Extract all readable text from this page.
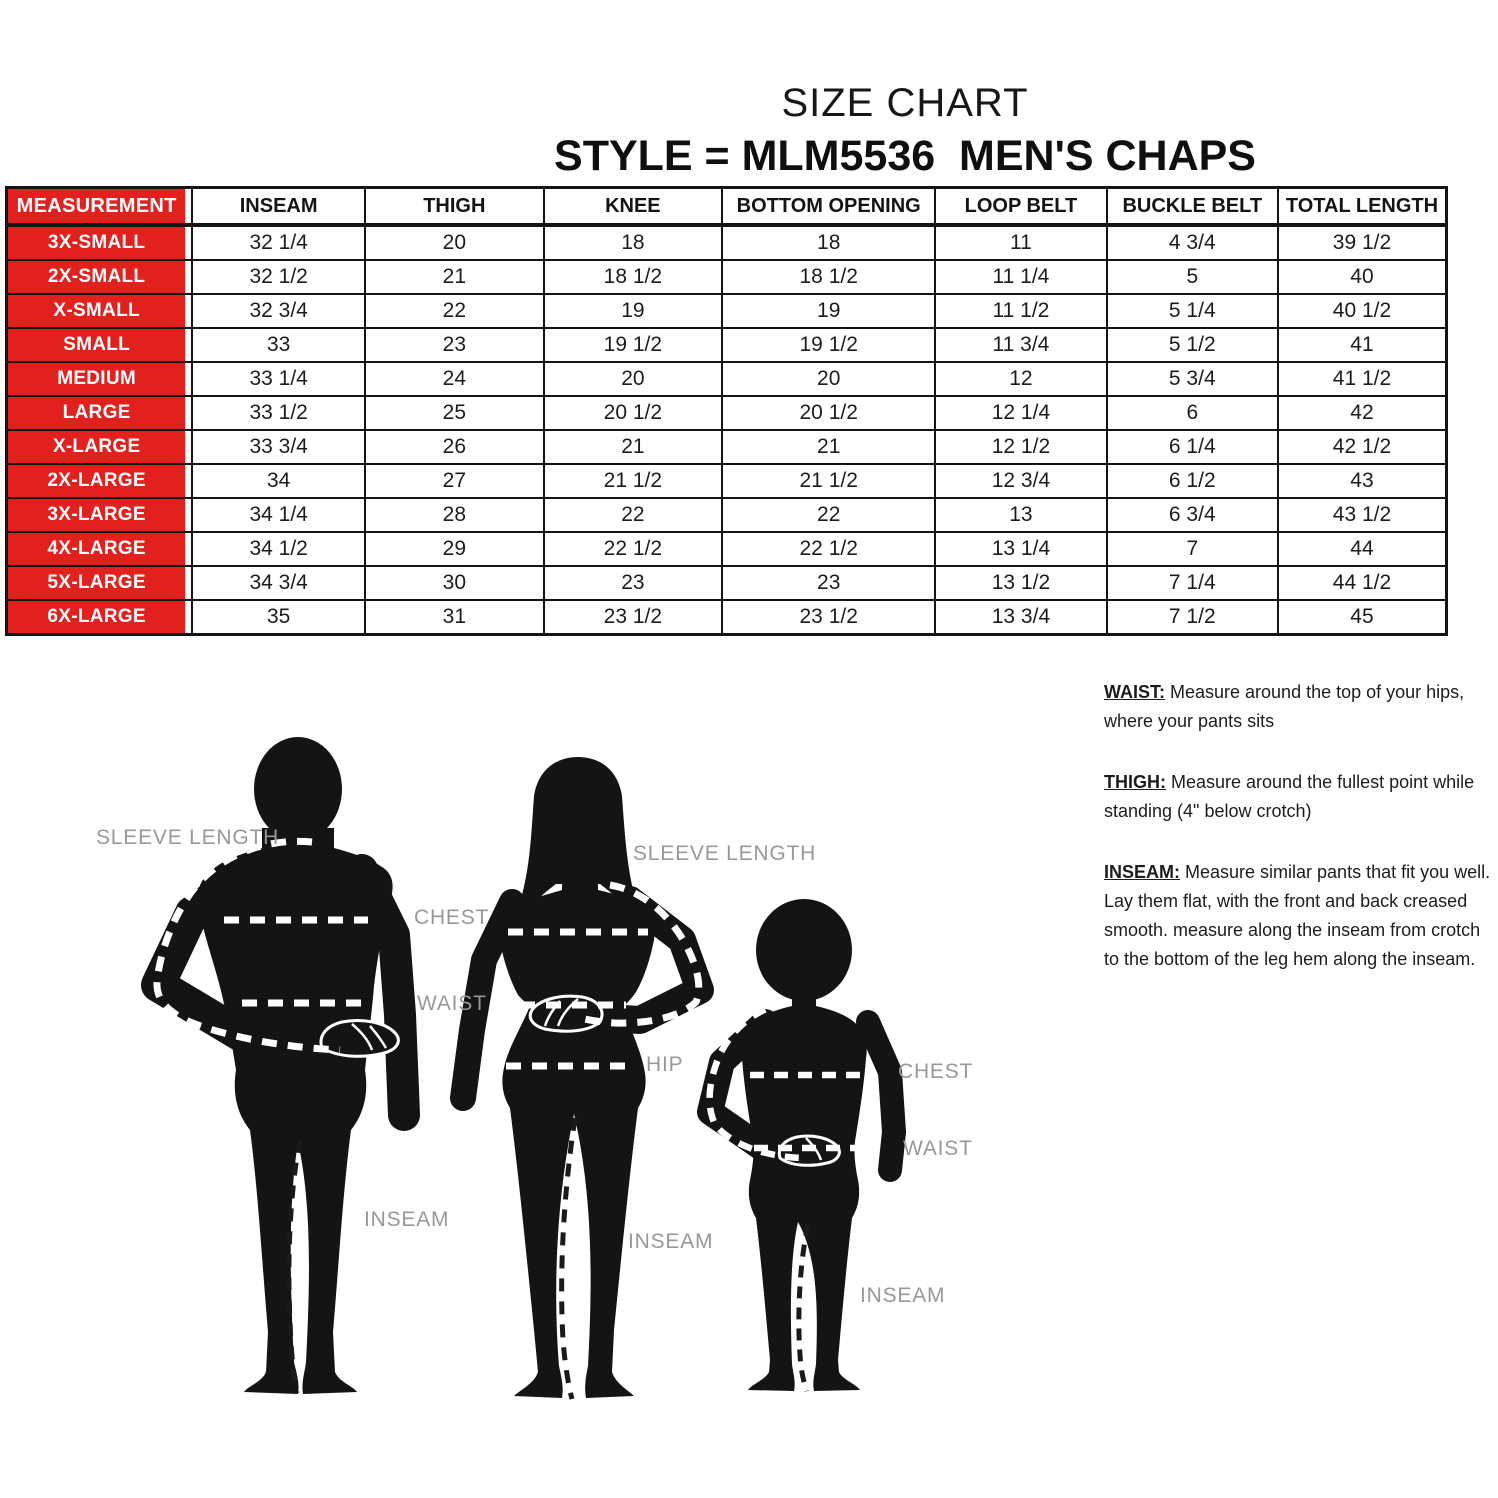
SIZE CHART
STYLE = MLM5536  MEN'S CHAPS
MEASUREMENT	INSEAM	THIGH	KNEE	BOTTOM OPENING	LOOP BELT	BUCKLE BELT	TOTAL LENGTH

3X-SMALL	32 1/4	20	18	18	11	4 3/4	39 1/2

2X-SMALL	32 1/2	21	18 1/2	18 1/2	11 1/4	5	40

X-SMALL	32 3/4	22	19	19	11 1/2	5 1/4	40 1/2

SMALL	33	23	19 1/2	19 1/2	11 3/4	5 1/2	41

MEDIUM	33 1/4	24	20	20	12	5 3/4	41 1/2

LARGE	33 1/2	25	20 1/2	20 1/2	12 1/4	6	42

X-LARGE	33 3/4	26	21	21	12 1/2	6 1/4	42 1/2

2X-LARGE	34	27	21 1/2	21 1/2	12 3/4	6 1/2	43

3X-LARGE	34 1/4	28	22	22	13	6 3/4	43 1/2

4X-LARGE	34 1/2	29	22 1/2	22 1/2	13 1/4	7	44

5X-LARGE	34 3/4	30	23	23	13 1/2	7 1/4	44 1/2

6X-LARGE	35	31	23 1/2	23 1/2	13 3/4	7 1/2	45
SLEEVE LENGTH
CHEST
WAIST
SLEEVE LENGTH
HIP
INSEAM
INSEAM
CHEST
WAIST
INSEAM

WAIST: Measure around the top of your hips, where your pants sits

THIGH: Measure around the fullest point while standing (4" below crotch)

INSEAM: Measure similar pants that fit you well. Lay them flat, with the front and back creased smooth. measure along the inseam from crotch to the bottom of the leg hem along the inseam.
